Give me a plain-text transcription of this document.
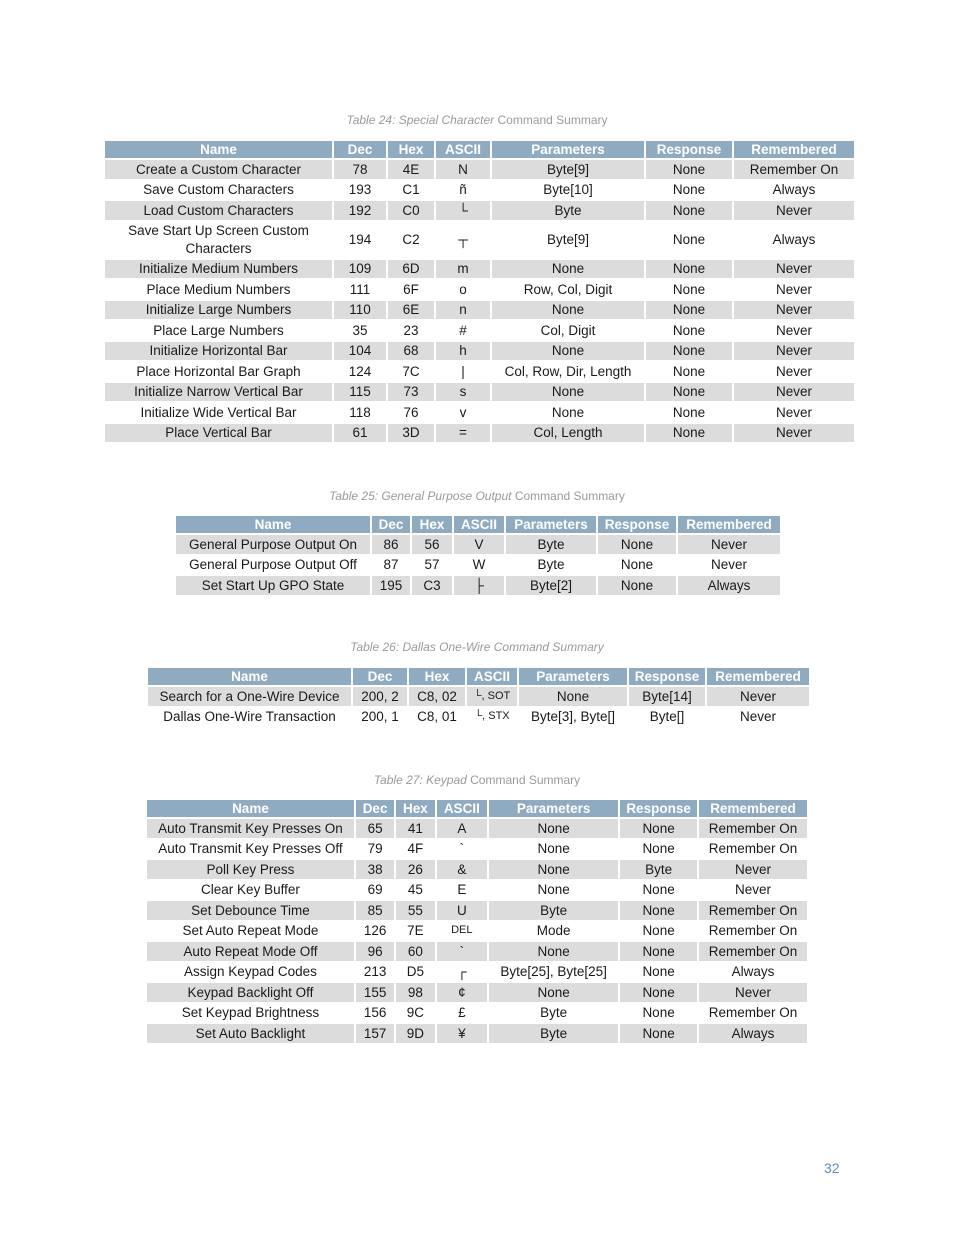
Table 24: Special Character Command Summary
Name	Dec	Hex	ASCII	Parameters	Response	Remembered
Create a Custom Character	78	4E	N	Byte[9]	None	Remember On
Save Custom Characters	193	C1	ñ	Byte[10]	None	Always
Load Custom Characters	192	C0	└	Byte	None	Never
Save Start Up Screen Custom Characters	194	C2	┬	Byte[9]	None	Always
Initialize Medium Numbers	109	6D	m	None	None	Never
Place Medium Numbers	111	6F	o	Row, Col, Digit	None	Never
Initialize Large Numbers	110	6E	n	None	None	Never
Place Large Numbers	35	23	#	Col, Digit	None	Never
Initialize Horizontal Bar	104	68	h	None	None	Never
Place Horizontal Bar Graph	124	7C	|	Col, Row, Dir, Length	None	Never
Initialize Narrow Vertical Bar	115	73	s	None	None	Never
Initialize Wide Vertical Bar	118	76	v	None	None	Never
Place Vertical Bar	61	3D	=	Col, Length	None	Never
Table 25: General Purpose Output Command Summary
Name	Dec	Hex	ASCII	Parameters	Response	Remembered
General Purpose Output On	86	56	V	Byte	None	Never
General Purpose Output Off	87	57	W	Byte	None	Never
Set Start Up GPO State	195	C3	├	Byte[2]	None	Always
Table 26: Dallas One-Wire Command Summary
Name	Dec	Hex	ASCII	Parameters	Response	Remembered
Search for a One-Wire Device	200, 2	C8, 02	└, SOT	None	Byte[14]	Never
Dallas One-Wire Transaction	200, 1	C8, 01	└, STX	Byte[3], Byte[]	Byte[]	Never
Table 27: Keypad Command Summary
Name	Dec	Hex	ASCII	Parameters	Response	Remembered
Auto Transmit Key Presses On	65	41	A	None	None	Remember On
Auto Transmit Key Presses Off	79	4F	`	None	None	Remember On
Poll Key Press	38	26	&	None	Byte	Never
Clear Key Buffer	69	45	E	None	None	Never
Set Debounce Time	85	55	U	Byte	None	Remember On
Set Auto Repeat Mode	126	7E	DEL	Mode	None	Remember On
Auto Repeat Mode Off	96	60	`	None	None	Remember On
Assign Keypad Codes	213	D5	┌	Byte[25], Byte[25]	None	Always
Keypad Backlight Off	155	98	¢	None	None	Never
Set Keypad Brightness	156	9C	£	Byte	None	Remember On
Set Auto Backlight	157	9D	¥	Byte	None	Always
32
